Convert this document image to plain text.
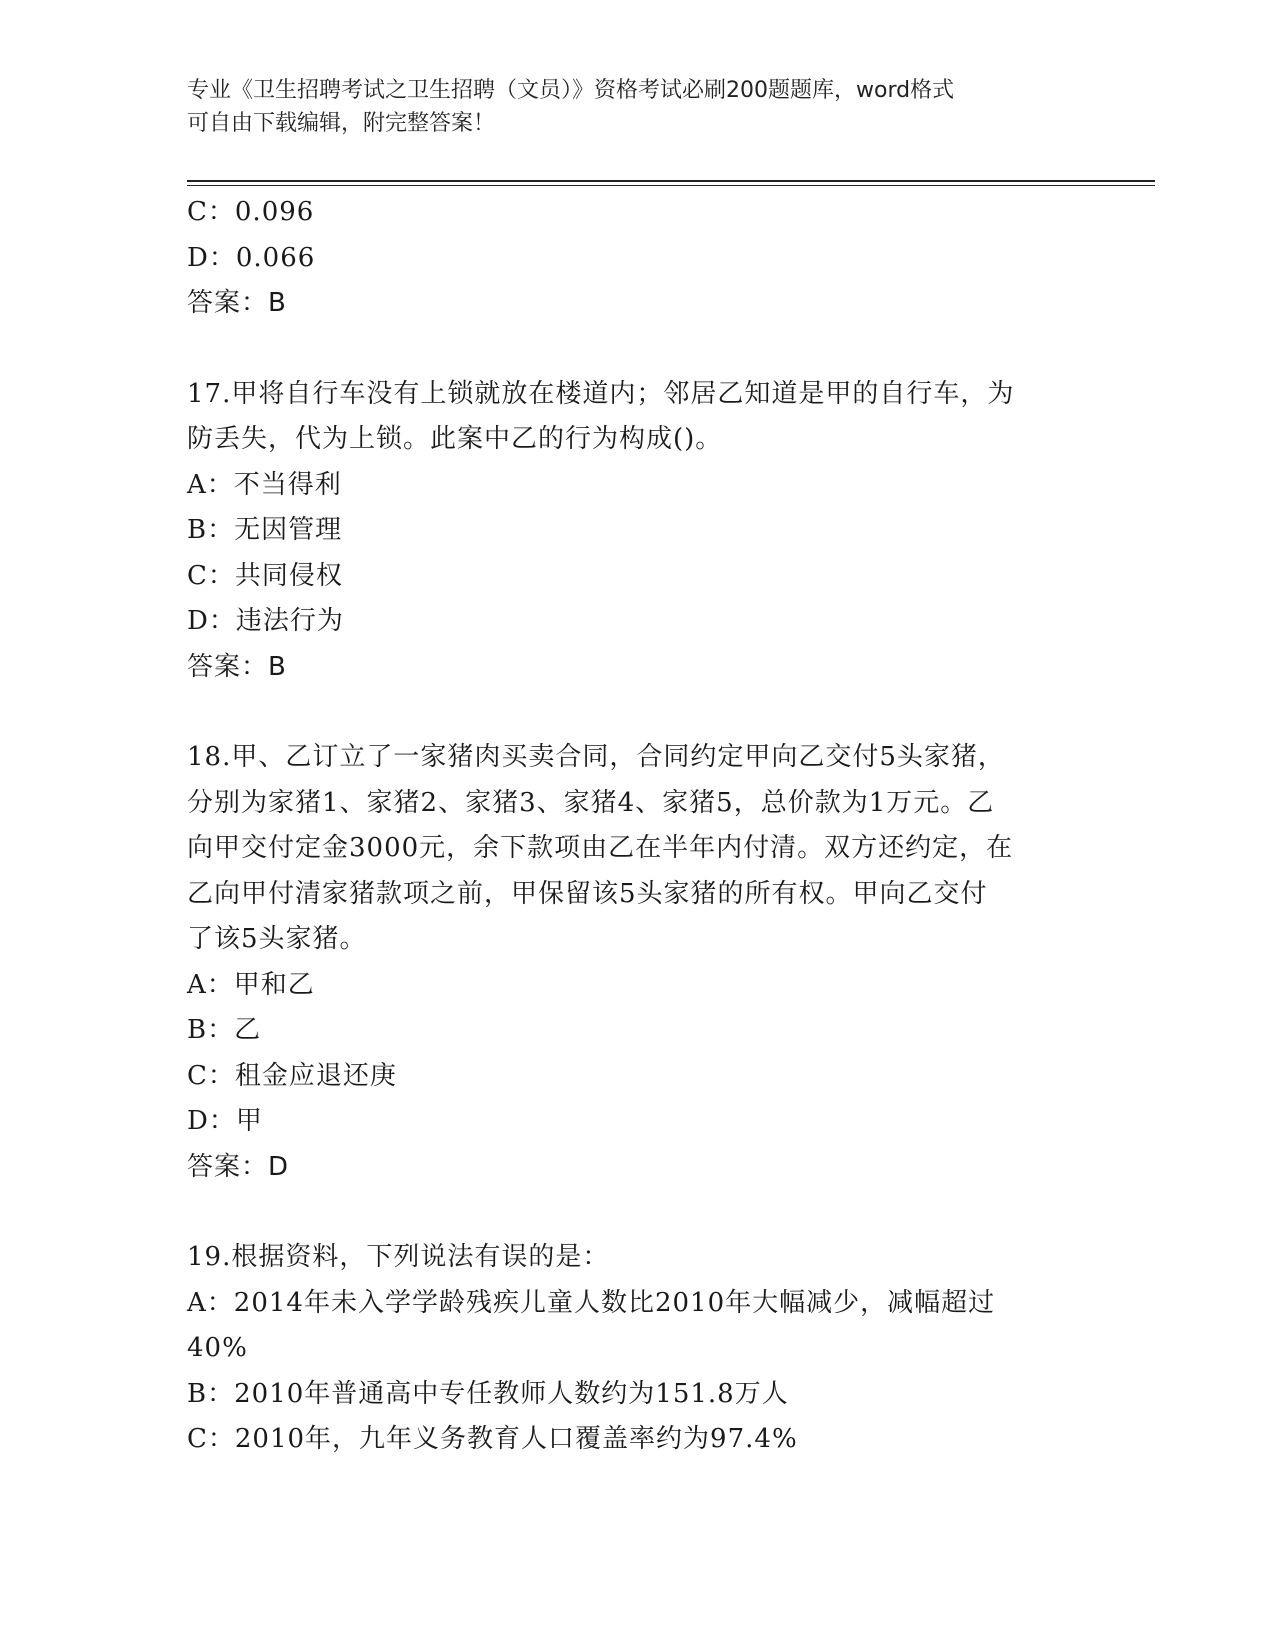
专业《卫生招聘考试之卫生招聘（文员）》资格考试必刷200题题库，word格式
可自由下载编辑，附完整答案！
C：0.096
D：0.066
答案：B
17.甲将自行车没有上锁就放在楼道内；邻居乙知道是甲的自行车，为
防丢失，代为上锁。此案中乙的行为构成()。
A：不当得利
B：无因管理
C：共同侵权
D：违法行为
答案：B
18.甲、乙订立了一家猪肉买卖合同，合同约定甲向乙交付5头家猪，
分别为家猪1、家猪2、家猪3、家猪4、家猪5，总价款为1万元。乙
向甲交付定金3000元，余下款项由乙在半年内付清。双方还约定，在
乙向甲付清家猪款项之前，甲保留该5头家猪的所有权。甲向乙交付
了该5头家猪。
A：甲和乙
B：乙
C：租金应退还庚
D：甲
答案：D
19.根据资料，下列说法有误的是：
A：2014年未入学学龄残疾儿童人数比2010年大幅减少，减幅超过
40%
B：2010年普通高中专任教师人数约为151.8万人
C：2010年，九年义务教育人口覆盖率约为97.4%
